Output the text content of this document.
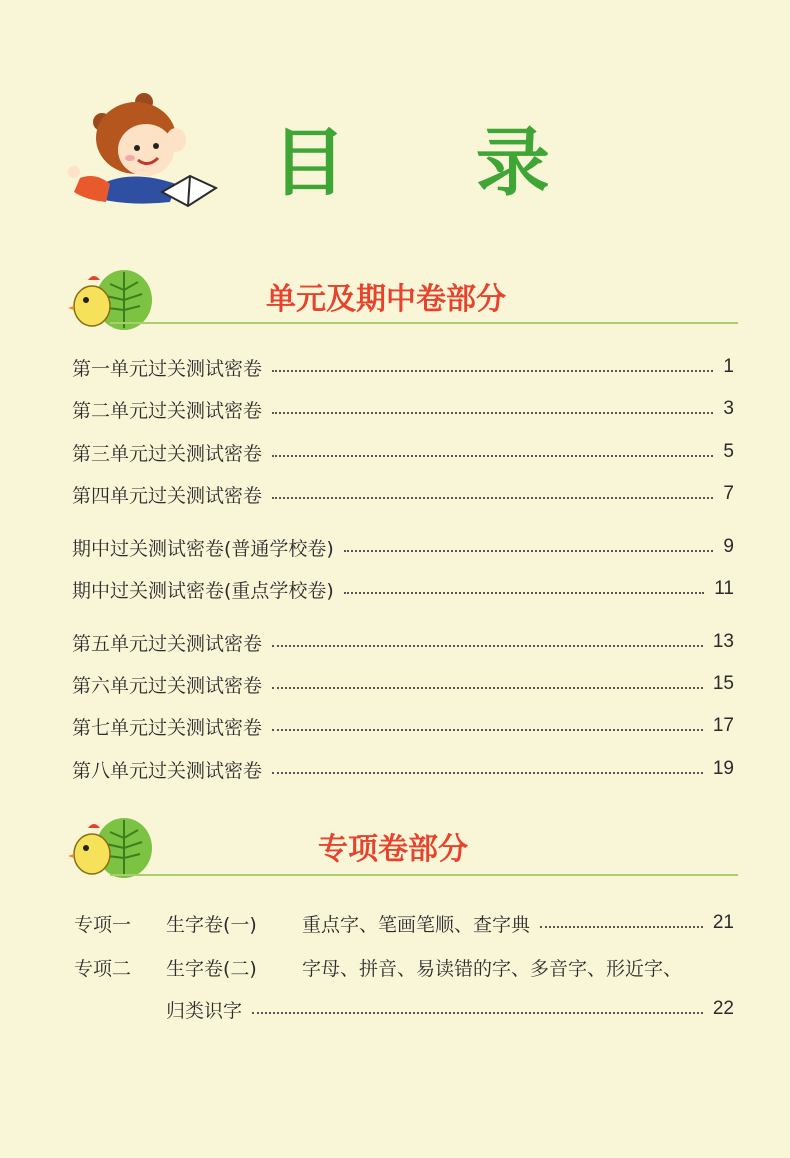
目 录
单元及期中卷部分
第一单元过关测试密卷	1
第二单元过关测试密卷	3
第三单元过关测试密卷	5
第四单元过关测试密卷	7
期中过关测试密卷(普通学校卷)	9
期中过关测试密卷(重点学校卷)	11
第五单元过关测试密卷	13
第六单元过关测试密卷	15
第七单元过关测试密卷	17
第八单元过关测试密卷	19
专项卷部分
专项一	生字卷(一)	重点字、笔画笔顺、查字典	21
专项二	生字卷(二)	字母、拼音、易读错的字、多音字、形近字、
归类识字	22
